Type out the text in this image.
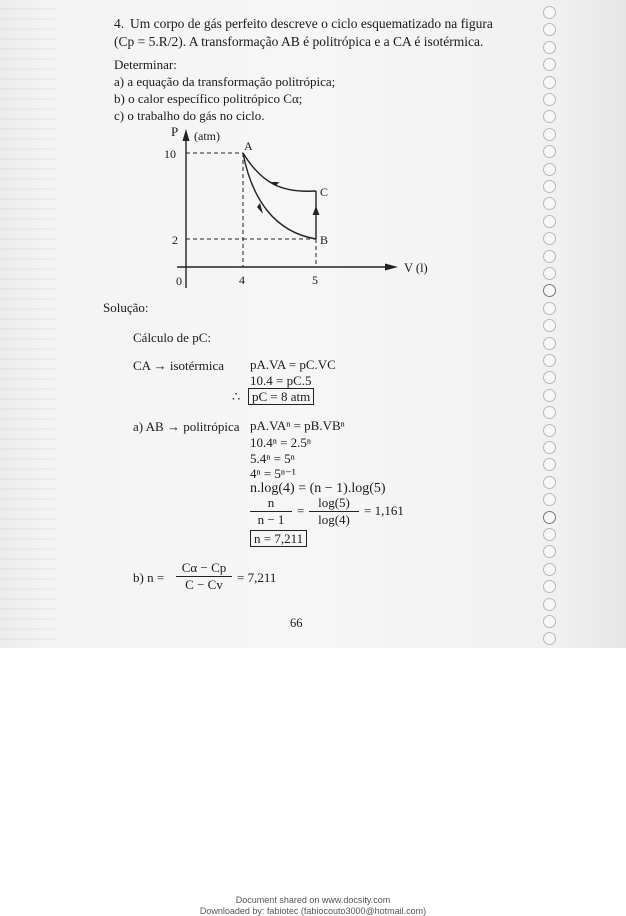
4. Um corpo de gás perfeito descreve o ciclo esquematizado na figura
(Cp = 5.R/2). A transformação AB é politrópica e a CA é isotérmica.
Determinar:
a) a equação da transformação politrópica;
b) o calor específico politrópico Cα;
c) o trabalho do gás no ciclo.
P (atm)
10
2
0	4	5
V (l)
A
C
B
Solução:
Cálculo de pC:
CA → isotérmica pA.VA = pC.VC
10.4 = pC.5
∴ pC = 8 atm
a) AB → politrópica pA.VAⁿ = pB.VBⁿ
10.4ⁿ = 2.5ⁿ
5.4ⁿ = 5ⁿ
4ⁿ = 5ⁿ⁻¹
n.log(4) = (n − 1).log(5)
$\frac{n}{n - 1} = \frac{\log(5)}{\log(4)} = 1,161$
n = 7,211
b) $n = \frac{C\alpha - Cp}{C - Cv} = 7,211$
66
Document shared on www.docsity.com
Downloaded by: fabiotec (fabiocouto3000@hotmail.com)
